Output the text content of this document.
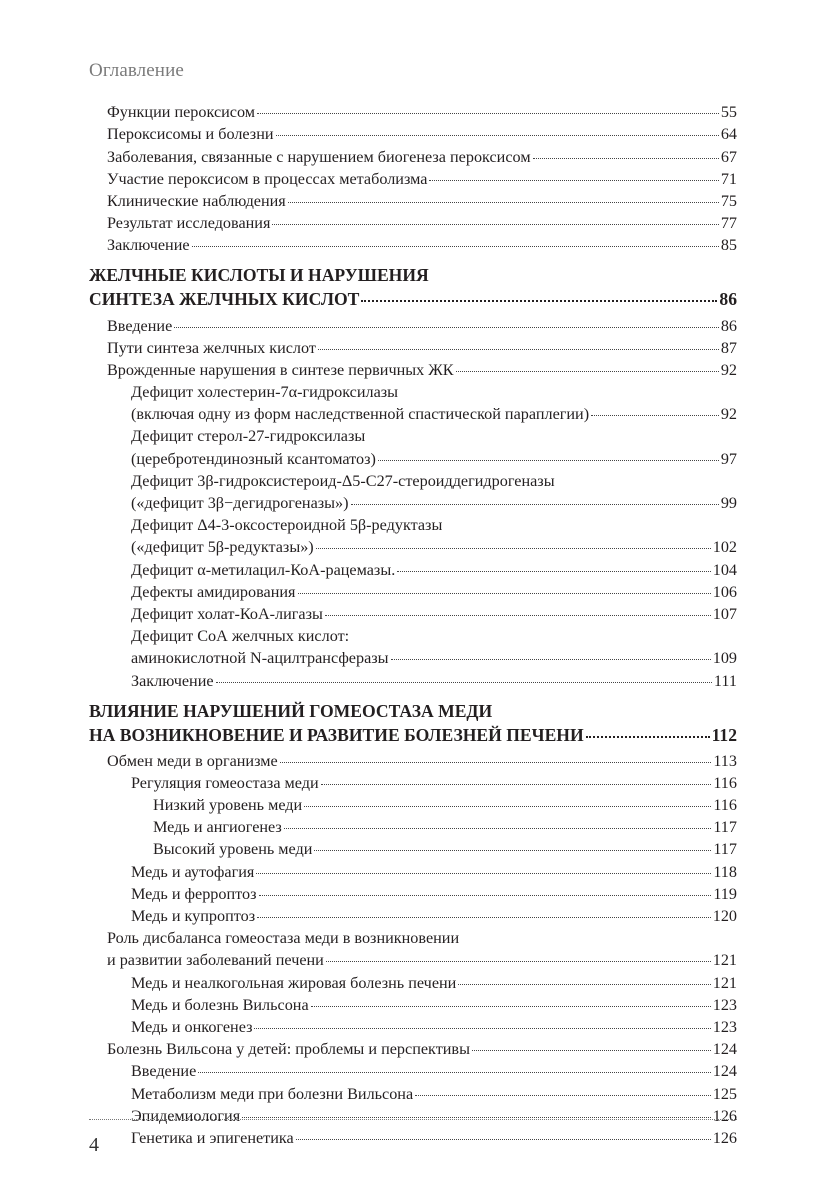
Оглавление
Функции пероксисом	55
Пероксисомы и болезни	64
Заболевания, связанные с нарушением биогенеза пероксисом	67
Участие пероксисом в процессах метаболизма	71
Клинические наблюдения	75
Результат исследования	77
Заключение	85
ЖЕЛЧНЫЕ КИСЛОТЫ И НАРУШЕНИЯ
СИНТЕЗА ЖЕЛЧНЫХ КИСЛОТ	86
Введение	86
Пути синтеза желчных кислот	87
Врожденные нарушения в синтезе первичных ЖК	92
Дефицит холестерин-7α-гидроксилазы
(включая одну из форм наследственной спастической параплегии)	92
Дефицит стерол-27-гидроксилазы
(церебротендинозный ксантоматоз)	97
Дефицит 3β-гидроксистероид-Δ5-C27-стероиддегидрогеназы
(«дефицит 3β−дегидрогеназы»)	99
Дефицит Δ4-3-оксостероидной 5β-редуктазы
(«дефицит 5β-редуктазы»)	102
Дефицит α-метилацил-КоА-рацемазы.	104
Дефекты амидирования	106
Дефицит холат-КоА-лигазы	107
Дефицит СоА желчных кислот:
аминокислотной N-ацилтрансферазы	109
Заключение	111
ВЛИЯНИЕ НАРУШЕНИЙ ГОМЕОСТАЗА МЕДИ
НА ВОЗНИКНОВЕНИЕ И РАЗВИТИЕ БОЛЕЗНЕЙ ПЕЧЕНИ	112
Обмен меди в организме	113
Регуляция гомеостаза меди	116
Низкий уровень меди	116
Медь и ангиогенез	117
Высокий уровень меди	117
Медь и аутофагия	118
Медь и ферроптоз	119
Медь и купроптоз	120
Роль дисбаланса гомеостаза меди в возникновении
и развитии заболеваний печени	121
Медь и неалкогольная жировая болезнь печени	121
Медь и болезнь Вильсона	123
Медь и онкогенез	123
Болезнь Вильсона у детей: проблемы и перспективы	124
Введение	124
Метаболизм меди при болезни Вильсона	125
Эпидемиология	126
Генетика и эпигенетика	126
4
